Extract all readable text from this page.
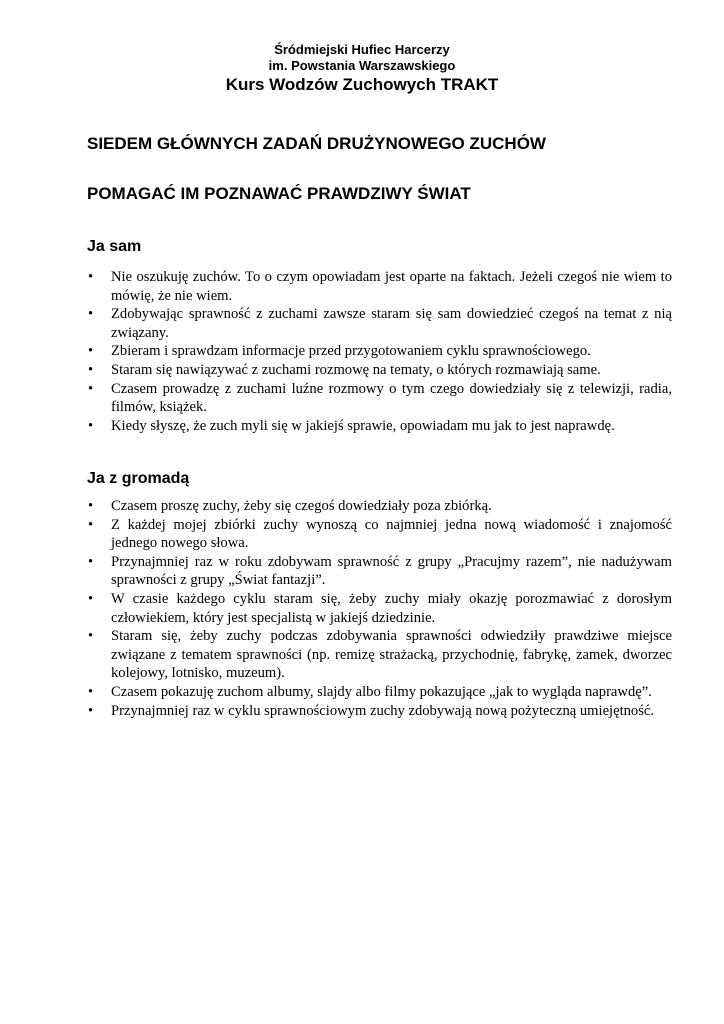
Śródmiejski Hufiec Harcerzy
im. Powstania Warszawskiego
Kurs Wodzów Zuchowych TRAKT
SIEDEM GŁÓWNYCH ZADAŃ DRUŻYNOWEGO ZUCHÓW
POMAGAĆ IM POZNAWAĆ PRAWDZIWY ŚWIAT
Ja sam
•	Nie oszukuję zuchów. To o czym opowiadam jest oparte na faktach. Jeżeli czegoś nie wiem to mówię, że nie wiem.
•	Zdobywając sprawność z zuchami zawsze staram się sam dowiedzieć czegoś na temat z nią związany.
•	Zbieram i sprawdzam informacje przed przygotowaniem cyklu sprawnościowego.
•	Staram się nawiązywać z zuchami rozmowę na tematy, o których rozmawiają same.
•	Czasem prowadzę z zuchami luźne rozmowy o tym czego dowiedziały się z telewizji, radia, filmów, książek.
•	Kiedy słyszę, że zuch myli się w jakiejś sprawie, opowiadam mu jak to jest naprawdę.
Ja z gromadą
•	Czasem proszę zuchy, żeby się czegoś dowiedziały poza zbiórką.
•	Z każdej mojej zbiórki zuchy wynoszą co najmniej jedna nową wiadomość i znajomość jednego nowego słowa.
•	Przynajmniej raz w roku zdobywam sprawność z grupy „Pracujmy razem”, nie nadużywam sprawności z grupy „Świat fantazji”.
•	W czasie każdego cyklu staram się, żeby zuchy miały okazję porozmawiać z dorosłym człowiekiem, który jest specjalistą w jakiejś dziedzinie.
•	Staram się, żeby zuchy podczas zdobywania sprawności odwiedziły prawdziwe miejsce związane z tematem sprawności (np. remizę strażacką, przychodnię, fabrykę, zamek, dworzec kolejowy, lotnisko, muzeum).
•	Czasem pokazuję zuchom albumy, slajdy albo filmy pokazujące „jak to wygląda naprawdę”.
•	Przynajmniej raz w cyklu sprawnościowym zuchy zdobywają nową pożyteczną umiejętność.
